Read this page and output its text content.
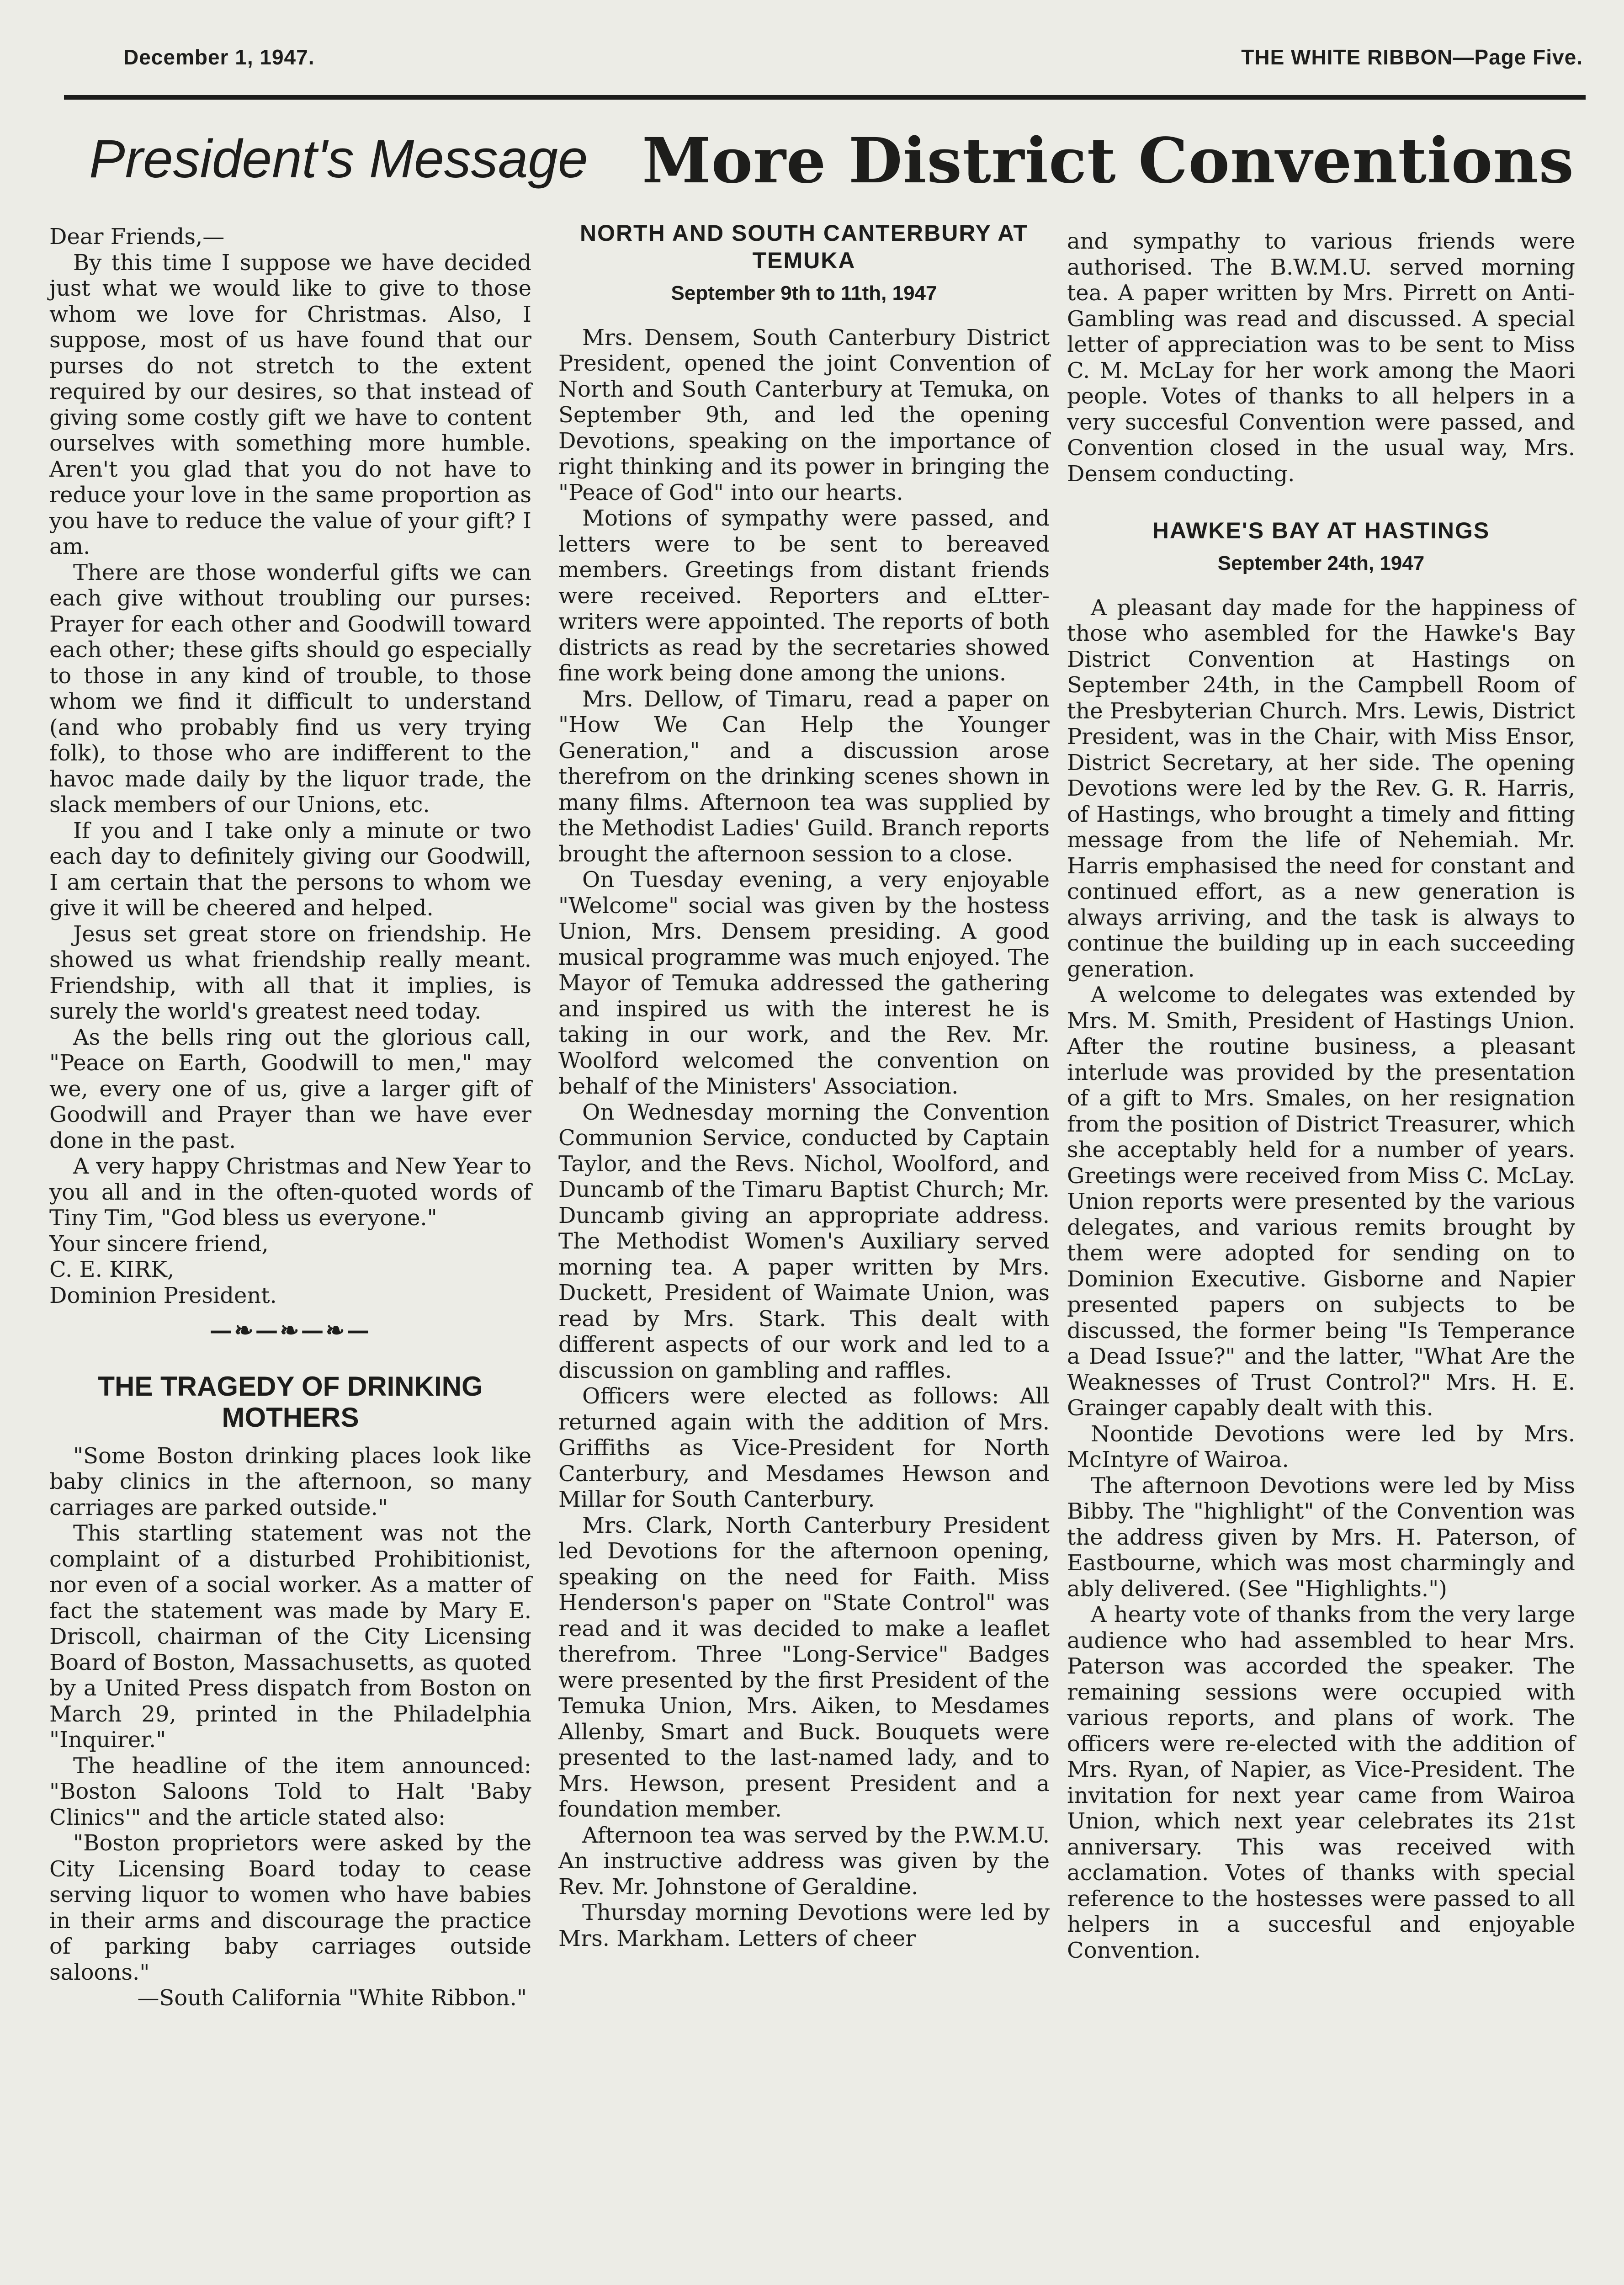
December 1, 1947.	THE WHITE RIBBON—Page Five.
President's Message More District Conventions

Dear Friends,—

By this time I suppose we have decided just what we would like to give to those whom we love for Christmas. Also, I suppose, most of us have found that our purses do not stretch to the extent required by our desires, so that instead of giving some costly gift we have to content ourselves with something more humble. Aren't you glad that you do not have to reduce your love in the same proportion as you have to reduce the value of your gift? I am.

There are those wonderful gifts we can each give without troubling our purses: Prayer for each other and Goodwill toward each other; these gifts should go especially to those in any kind of trouble, to those whom we find it difficult to understand (and who probably find us very trying folk), to those who are indifferent to the havoc made daily by the liquor trade, the slack members of our Unions, etc.

If you and I take only a minute or two each day to definitely giving our Goodwill, I am certain that the persons to whom we give it will be cheered and helped.

Jesus set great store on friendship. He showed us what friendship really meant. Friendship, with all that it implies, is surely the world's greatest need today.

As the bells ring out the glorious call, "Peace on Earth, Goodwill to men," may we, every one of us, give a larger gift of Goodwill and Prayer than we have ever done in the past.

A very happy Christmas and New Year to you all and in the often-quoted words of Tiny Tim, "God bless us everyone."

Your sincere friend,

C. E. KIRK,

Dominion President.

—❧—❧—❧—
THE TRAGEDY OF DRINKING MOTHERS

"Some Boston drinking places look like baby clinics in the afternoon, so many carriages are parked outside."

This startling statement was not the complaint of a disturbed Prohibitionist, nor even of a social worker. As a matter of fact the statement was made by Mary E. Driscoll, chairman of the City Licensing Board of Boston, Massachusetts, as quoted by a United Press dispatch from Boston on March 29, printed in the Philadelphia "Inquirer."

The headline of the item announced: "Boston Saloons Told to Halt 'Baby Clinics'" and the article stated also:

"Boston proprietors were asked by the City Licensing Board today to cease serving liquor to women who have babies in their arms and discourage the practice of parking baby carriages outside saloons."

—South California "White Ribbon."

NORTH AND SOUTH CANTERBURY AT TEMUKA
September 9th to 11th, 1947

Mrs. Densem, South Canterbury District President, opened the joint Convention of North and South Canterbury at Temuka, on September 9th, and led the opening Devotions, speaking on the importance of right thinking and its power in bringing the "Peace of God" into our hearts.

Motions of sympathy were passed, and letters were to be sent to bereaved members. Greetings from distant friends were received. Reporters and eLtter-writers were appointed. The reports of both districts as read by the secretaries showed fine work being done among the unions.

Mrs. Dellow, of Timaru, read a paper on "How We Can Help the Younger Generation," and a discussion arose therefrom on the drinking scenes shown in many films. Afternoon tea was supplied by the Methodist Ladies' Guild. Branch reports brought the afternoon session to a close.

On Tuesday evening, a very enjoyable "Welcome" social was given by the hostess Union, Mrs. Densem presiding. A good musical programme was much enjoyed. The Mayor of Temuka addressed the gathering and inspired us with the interest he is taking in our work, and the Rev. Mr. Woolford welcomed the convention on behalf of the Ministers' Association.

On Wednesday morning the Convention Communion Service, conducted by Captain Taylor, and the Revs. Nichol, Woolford, and Duncamb of the Timaru Baptist Church; Mr. Duncamb giving an appropriate address. The Methodist Women's Auxiliary served morning tea. A paper written by Mrs. Duckett, President of Waimate Union, was read by Mrs. Stark. This dealt with different aspects of our work and led to a discussion on gambling and raffles.

Officers were elected as follows: All returned again with the addition of Mrs. Griffiths as Vice-President for North Canterbury, and Mesdames Hewson and Millar for South Canterbury.

Mrs. Clark, North Canterbury President led Devotions for the afternoon opening, speaking on the need for Faith. Miss Henderson's paper on "State Control" was read and it was decided to make a leaflet therefrom. Three "Long-Service" Badges were presented by the first President of the Temuka Union, Mrs. Aiken, to Mesdames Allenby, Smart and Buck. Bouquets were presented to the last-named lady, and to Mrs. Hewson, present President and a foundation member.

Afternoon tea was served by the P.W.M.U. An instructive address was given by the Rev. Mr. Johnstone of Geraldine.

Thursday morning Devotions were led by Mrs. Markham. Letters of cheer

and sympathy to various friends were authorised. The B.W.M.U. served morning tea. A paper written by Mrs. Pirrett on Anti-Gambling was read and discussed. A special letter of appreciation was to be sent to Miss C. M. McLay for her work among the Maori people. Votes of thanks to all helpers in a very succesful Convention were passed, and Convention closed in the usual way, Mrs. Densem conducting.

HAWKE'S BAY AT HASTINGS
September 24th, 1947

A pleasant day made for the happiness of those who asembled for the Hawke's Bay District Convention at Hastings on September 24th, in the Campbell Room of the Presbyterian Church. Mrs. Lewis, District President, was in the Chair, with Miss Ensor, District Secretary, at her side. The opening Devotions were led by the Rev. G. R. Harris, of Hastings, who brought a timely and fitting message from the life of Nehemiah. Mr. Harris emphasised the need for constant and continued effort, as a new generation is always arriving, and the task is always to continue the building up in each succeeding generation.

A welcome to delegates was extended by Mrs. M. Smith, President of Hastings Union. After the routine business, a pleasant interlude was provided by the presentation of a gift to Mrs. Smales, on her resignation from the position of District Treasurer, which she acceptably held for a number of years. Greetings were received from Miss C. McLay. Union reports were presented by the various delegates, and various remits brought by them were adopted for sending on to Dominion Executive. Gisborne and Napier presented papers on subjects to be discussed, the former being "Is Temperance a Dead Issue?" and the latter, "What Are the Weaknesses of Trust Control?" Mrs. H. E. Grainger capably dealt with this.

Noontide Devotions were led by Mrs. McIntyre of Wairoa.

The afternoon Devotions were led by Miss Bibby. The "highlight" of the Convention was the address given by Mrs. H. Paterson, of Eastbourne, which was most charmingly and ably delivered. (See "Highlights.")

A hearty vote of thanks from the very large audience who had assembled to hear Mrs. Paterson was accorded the speaker. The remaining sessions were occupied with various reports, and plans of work. The officers were re-elected with the addition of Mrs. Ryan, of Napier, as Vice-President. The invitation for next year came from Wairoa Union, which next year celebrates its 21st anniversary. This was received with acclamation. Votes of thanks with special reference to the hostesses were passed to all helpers in a succesful and enjoyable Convention.
